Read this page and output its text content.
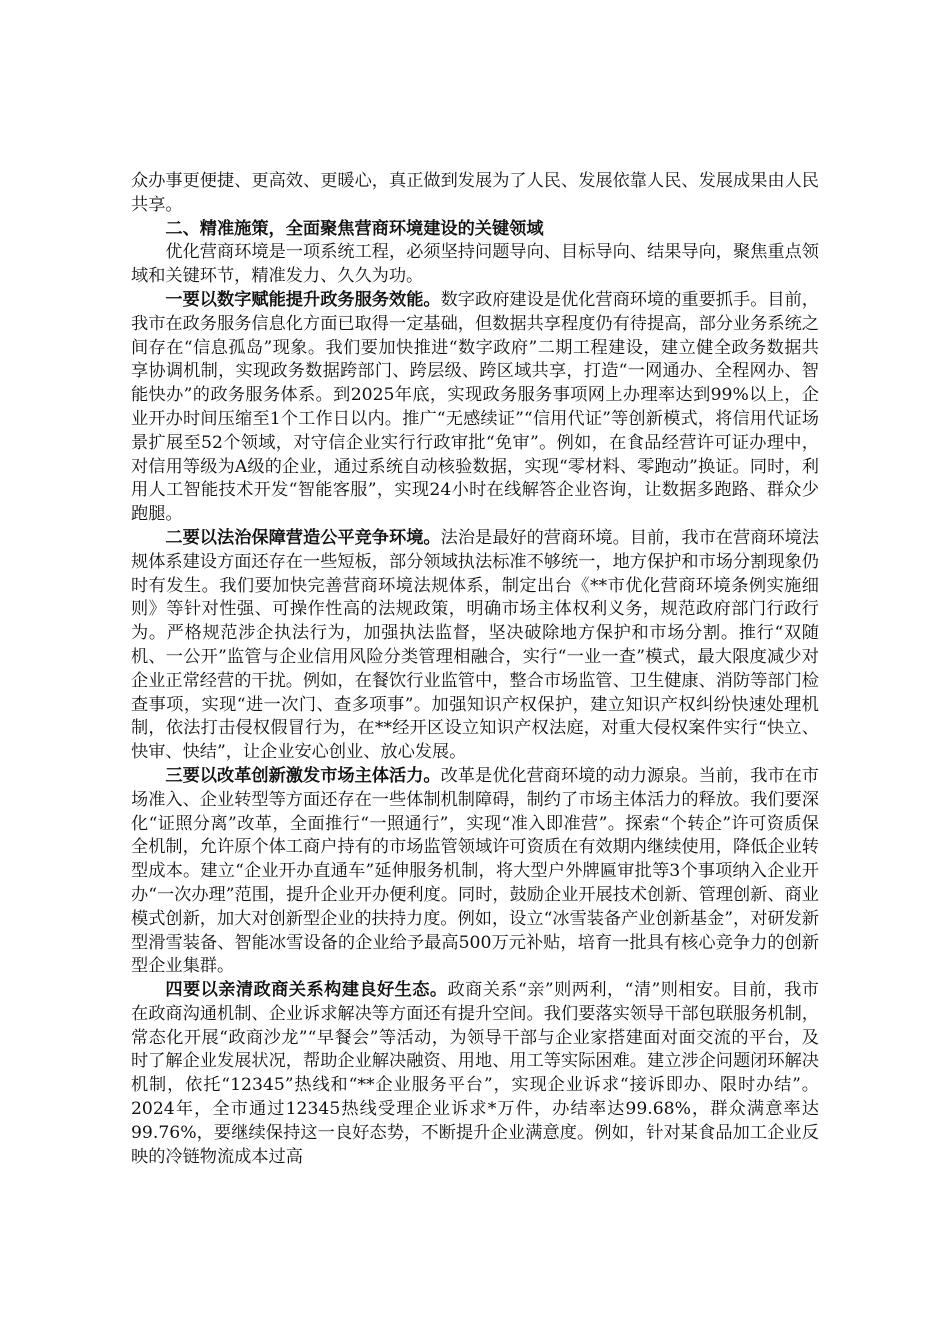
众办事更便捷、更高效、更暖心，真正做到发展为了人民、发展依靠人民、发展成果由人民共享。

二、精准施策，全面聚焦营商环境建设的关键领域

优化营商环境是一项系统工程，必须坚持问题导向、目标导向、结果导向，聚焦重点领域和关键环节，精准发力、久久为功。

一要以数字赋能提升政务服务效能。数字政府建设是优化营商环境的重要抓手。目前，我市在政务服务信息化方面已取得一定基础，但数据共享程度仍有待提高，部分业务系统之间存在“信息孤岛”现象。我们要加快推进“数字政府”二期工程建设，建立健全政务数据共享协调机制，实现政务数据跨部门、跨层级、跨区域共享，打造“一网通办、全程网办、智能快办”的政务服务体系。到2025年底，实现政务服务事项网上办理率达到99%以上，企业开办时间压缩至1个工作日以内。推广“无感续证”“信用代证”等创新模式，将信用代证场景扩展至52个领域，对守信企业实行行政审批“免审”。例如，在食品经营许可证办理中，对信用等级为A级的企业，通过系统自动核验数据，实现“零材料、零跑动”换证。同时，利用人工智能技术开发“智能客服”，实现24小时在线解答企业咨询，让数据多跑路、群众少跑腿。

二要以法治保障营造公平竞争环境。法治是最好的营商环境。目前，我市在营商环境法规体系建设方面还存在一些短板，部分领域执法标准不够统一，地方保护和市场分割现象仍时有发生。我们要加快完善营商环境法规体系，制定出台《**市优化营商环境条例实施细则》等针对性强、可操作性高的法规政策，明确市场主体权利义务，规范政府部门行政行为。严格规范涉企执法行为，加强执法监督，坚决破除地方保护和市场分割。推行“双随机、一公开”监管与企业信用风险分类管理相融合，实行“一业一查”模式，最大限度减少对企业正常经营的干扰。例如，在餐饮行业监管中，整合市场监管、卫生健康、消防等部门检查事项，实现“进一次门、查多项事”。加强知识产权保护，建立知识产权纠纷快速处理机制，依法打击侵权假冒行为，在**经开区设立知识产权法庭，对重大侵权案件实行“快立、快审、快结”，让企业安心创业、放心发展。

三要以改革创新激发市场主体活力。改革是优化营商环境的动力源泉。当前，我市在市场准入、企业转型等方面还存在一些体制机制障碍，制约了市场主体活力的释放。我们要深化“证照分离”改革，全面推行“一照通行”，实现“准入即准营”。探索“个转企”许可资质保全机制，允许原个体工商户持有的市场监管领域许可资质在有效期内继续使用，降低企业转型成本。建立“企业开办直通车”延伸服务机制，将大型户外牌匾审批等3个事项纳入企业开办“一次办理”范围，提升企业开办便利度。同时，鼓励企业开展技术创新、管理创新、商业模式创新，加大对创新型企业的扶持力度。例如，设立“冰雪装备产业创新基金”，对研发新型滑雪装备、智能冰雪设备的企业给予最高500万元补贴，培育一批具有核心竞争力的创新型企业集群。

四要以亲清政商关系构建良好生态。政商关系“亲”则两利，“清”则相安。目前，我市在政商沟通机制、企业诉求解决等方面还有提升空间。我们要落实领导干部包联服务机制，常态化开展“政商沙龙”“早餐会”等活动，为领导干部与企业家搭建面对面交流的平台，及时了解企业发展状况，帮助企业解决融资、用地、用工等实际困难。建立涉企问题闭环解决机制，依托“12345”热线和“**企业服务平台”，实现企业诉求“接诉即办、限时办结”。2024年，全市通过12345热线受理企业诉求*万件，办结率达99.68%，群众满意率达99.76%，要继续保持这一良好态势，不断提升企业满意度。例如，针对某食品加工企业反映的冷链物流成本过高
